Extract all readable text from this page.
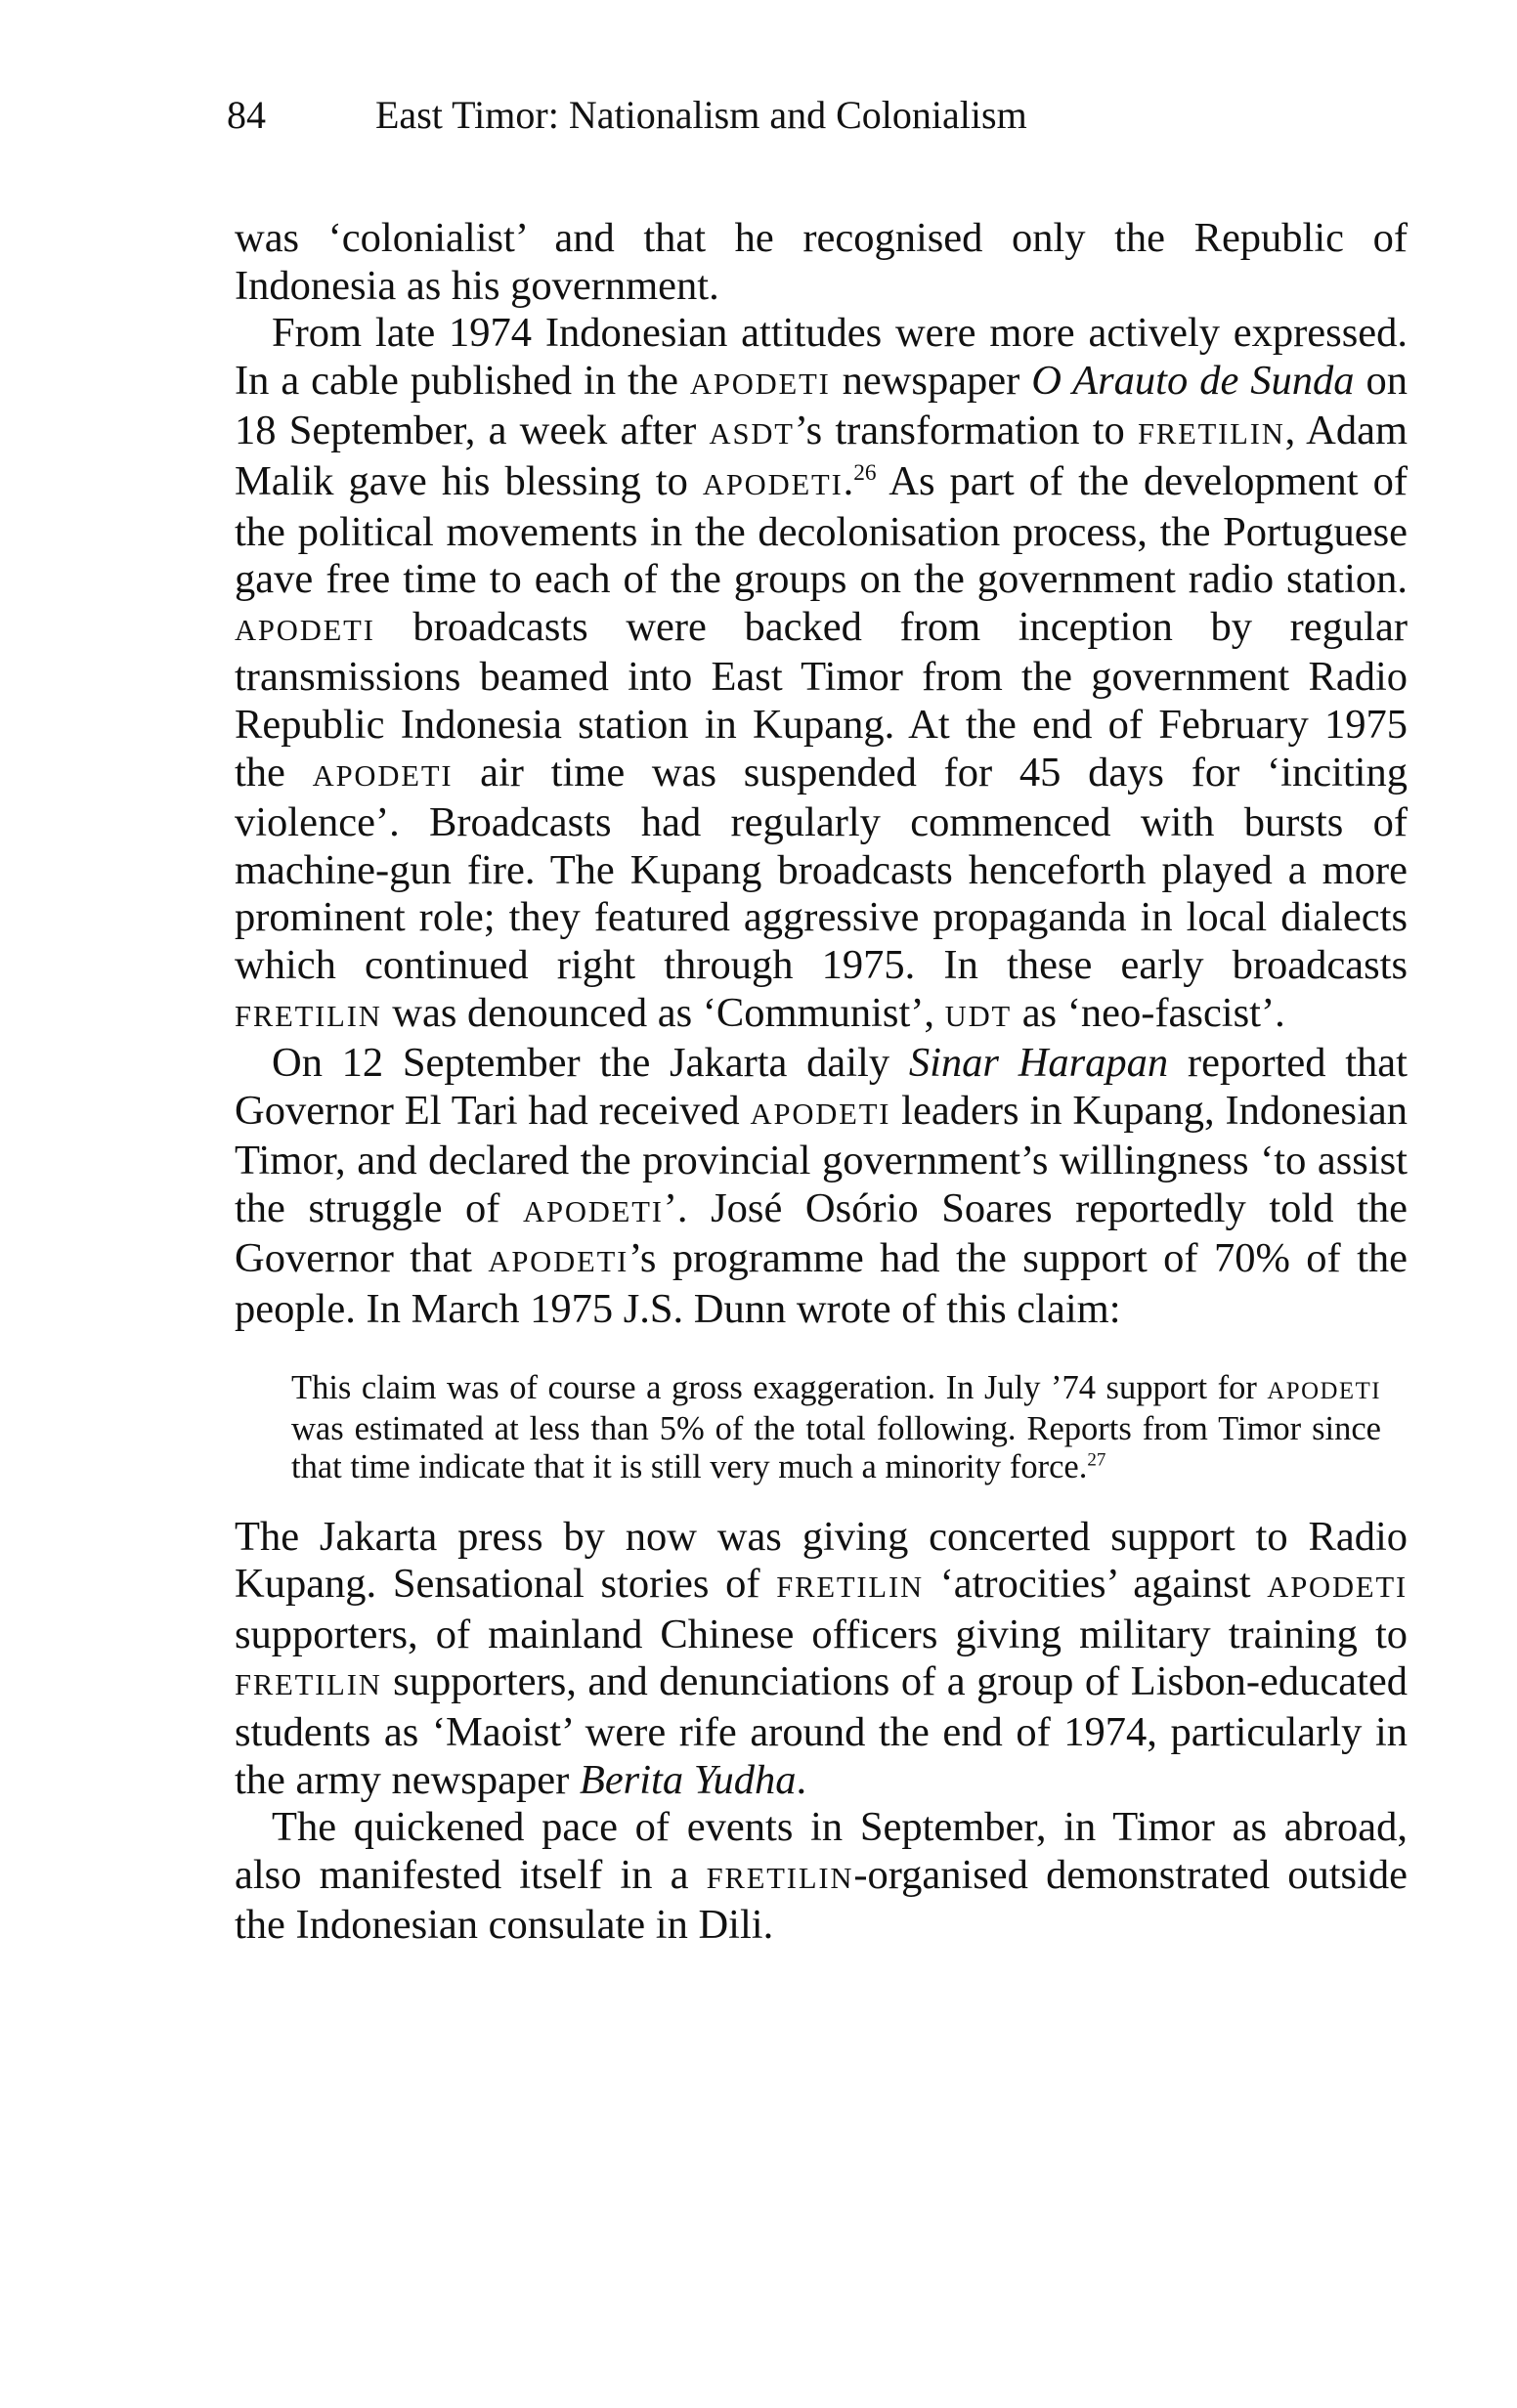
84	East Timor: Nationalism and Colonialism

was ‘colonialist’ and that he recognised only the Republic of Indonesia as his government.

From late 1974 Indonesian attitudes were more actively expressed. In a cable published in the APODETI newspaper O Arauto de Sunda on 18 September, a week after ASDT’s transformation to FRETILIN, Adam Malik gave his blessing to APODETI.$^{26}$ As part of the development of the political movements in the decolonisation process, the Portuguese gave free time to each of the groups on the government radio station. APODETI broadcasts were backed from inception by regular transmissions beamed into East Timor from the government Radio Republic Indonesia station in Kupang. At the end of February 1975 the APODETI air time was suspended for 45 days for ‘inciting violence’. Broadcasts had regularly commenced with bursts of machine-gun fire. The Kupang broadcasts henceforth played a more prominent role; they featured aggressive propaganda in local dialects which continued right through 1975. In these early broadcasts FRETILIN was denounced as ‘Communist’, UDT as ‘neo-fascist’.

On 12 September the Jakarta daily Sinar Harapan reported that Governor El Tari had received APODETI leaders in Kupang, Indonesian Timor, and declared the provincial government’s willingness ‘to assist the struggle of APODETI’. José Osório Soares reportedly told the Governor that APODETI’s programme had the support of 70% of the people. In March 1975 J.S. Dunn wrote of this claim:

This claim was of course a gross exaggeration. In July ’74 support for APODETI was estimated at less than 5% of the total following. Reports from Timor since that time indicate that it is still very much a minority force.$^{27}$

The Jakarta press by now was giving concerted support to Radio Kupang. Sensational stories of FRETILIN ‘atrocities’ against APODETI supporters, of mainland Chinese officers giving military training to FRETILIN supporters, and denunciations of a group of Lisbon-educated students as ‘Maoist’ were rife around the end of 1974, particularly in the army newspaper Berita Yudha.

The quickened pace of events in September, in Timor as abroad, also manifested itself in a FRETILIN-organised demonstrated outside the Indonesian consulate in Dili.
